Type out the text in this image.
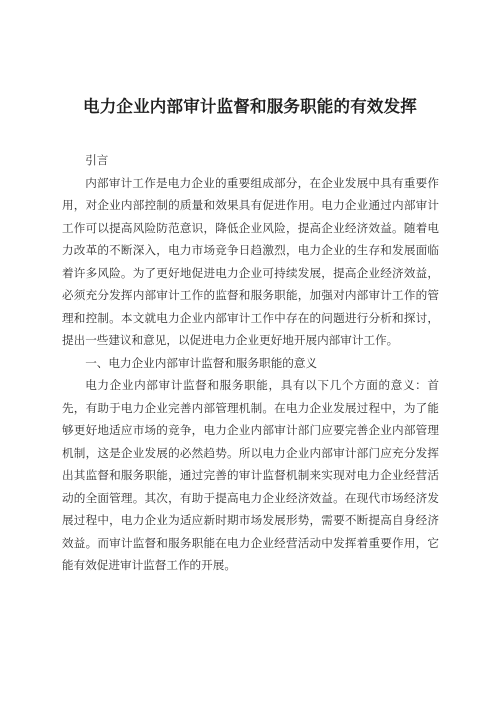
电力企业内部审计监督和服务职能的有效发挥

引言

内部审计工作是电力企业的重要组成部分，在企业发展中具有重要作用，对企业内部控制的质量和效果具有促进作用。电力企业通过内部审计工作可以提高风险防范意识，降低企业风险，提高企业经济效益。随着电力改革的不断深入，电力市场竞争日趋激烈，电力企业的生存和发展面临着许多风险。为了更好地促进电力企业可持续发展，提高企业经济效益，必须充分发挥内部审计工作的监督和服务职能，加强对内部审计工作的管理和控制。本文就电力企业内部审计工作中存在的问题进行分析和探讨，提出一些建议和意见，以促进电力企业更好地开展内部审计工作。

一、电力企业内部审计监督和服务职能的意义

电力企业内部审计监督和服务职能，具有以下几个方面的意义：首先，有助于电力企业完善内部管理机制。在电力企业发展过程中，为了能够更好地适应市场的竞争，电力企业内部审计部门应要完善企业内部管理机制，这是企业发展的必然趋势。所以电力企业内部审计部门应充分发挥出其监督和服务职能，通过完善的审计监督机制来实现对电力企业经营活动的全面管理。其次，有助于提高电力企业经济效益。在现代市场经济发展过程中，电力企业为适应新时期市场发展形势，需要不断提高自身经济效益。而审计监督和服务职能在电力企业经营活动中发挥着重要作用，它能有效促进审计监督工作的开展。
